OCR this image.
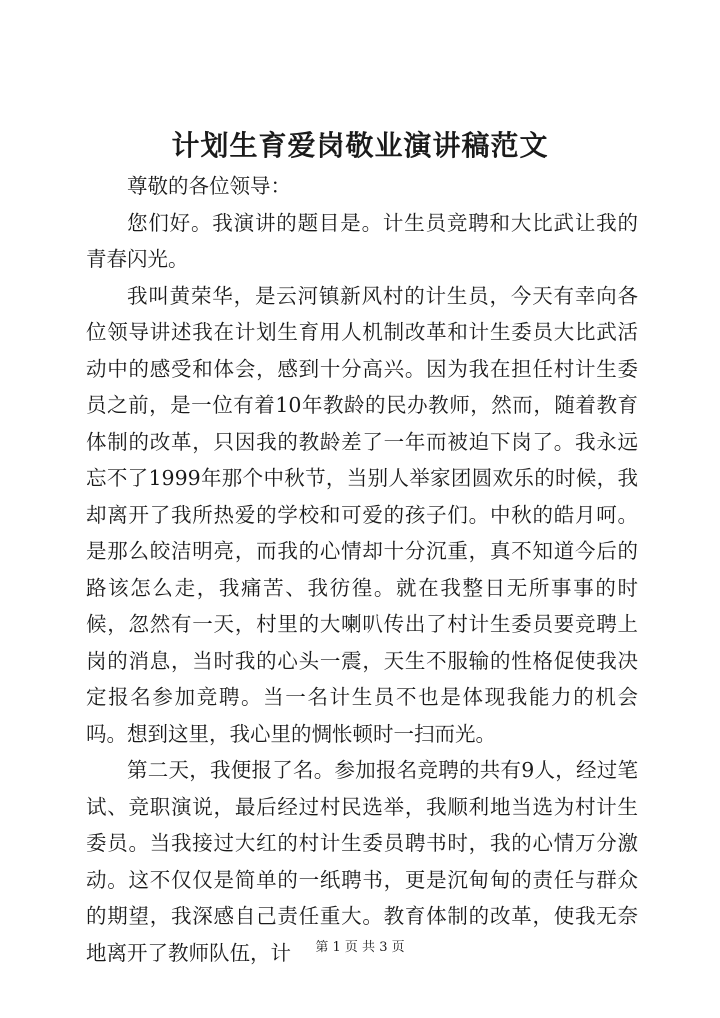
计划生育爱岗敬业演讲稿范文

尊敬的各位领导：

您们好。我演讲的题目是。计生员竞聘和大比武让我的青春闪光。

我叫黄荣华，是云河镇新风村的计生员，今天有幸向各位领导讲述我在计划生育用人机制改革和计生委员大比武活动中的感受和体会，感到十分高兴。因为我在担任村计生委员之前，是一位有着10年教龄的民办教师，然而，随着教育体制的改革，只因我的教龄差了一年而被迫下岗了。我永远忘不了1999年那个中秋节，当别人举家团圆欢乐的时候，我却离开了我所热爱的学校和可爱的孩子们。中秋的皓月呵。是那么皎洁明亮，而我的心情却十分沉重，真不知道今后的路该怎么走，我痛苦、我彷徨。就在我整日无所事事的时候，忽然有一天，村里的大喇叭传出了村计生委员要竞聘上岗的消息，当时我的心头一震，天生不服输的性格促使我决定报名参加竞聘。当一名计生员不也是体现我能力的机会吗。想到这里，我心里的惆怅顿时一扫而光。

第二天，我便报了名。参加报名竞聘的共有9人，经过笔试、竞职演说，最后经过村民选举，我顺利地当选为村计生委员。当我接过大红的村计生委员聘书时，我的心情万分激动。这不仅仅是简单的一纸聘书，更是沉甸甸的责任与群众的期望，我深感自己责任重大。教育体制的改革，使我无奈地离开了教师队伍，计	第 1 页 共 3 页
